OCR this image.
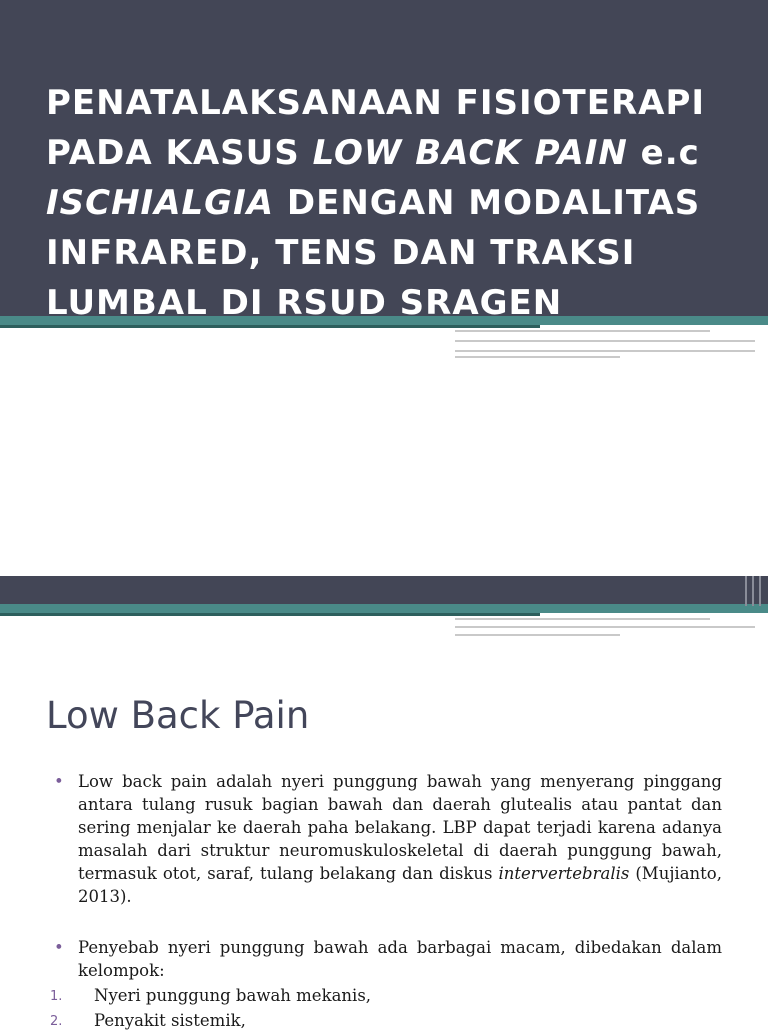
PENATALAKSANAAN FISIOTERAPI PADA KASUS LOW BACK PAIN e.c ISCHIALGIA DENGAN MODALITAS INFRARED, TENS DAN TRAKSI LUMBAL DI RSUD SRAGEN
Low Back Pain
• Low back pain adalah nyeri punggung bawah yang menyerang pinggang antara tulang rusuk bagian bawah dan daerah glutealis atau pantat dan sering menjalar ke daerah paha belakang. LBP dapat terjadi karena adanya masalah dari struktur neuromuskuloskeletal di daerah punggung bawah, termasuk otot, saraf, tulang belakang dan diskus intervertebralis (Mujianto, 2013).
• Penyebab nyeri punggung bawah ada barbagai macam, dibedakan dalam kelompok:
1. Nyeri punggung bawah mekanis,
2. Penyakit sistemik,
